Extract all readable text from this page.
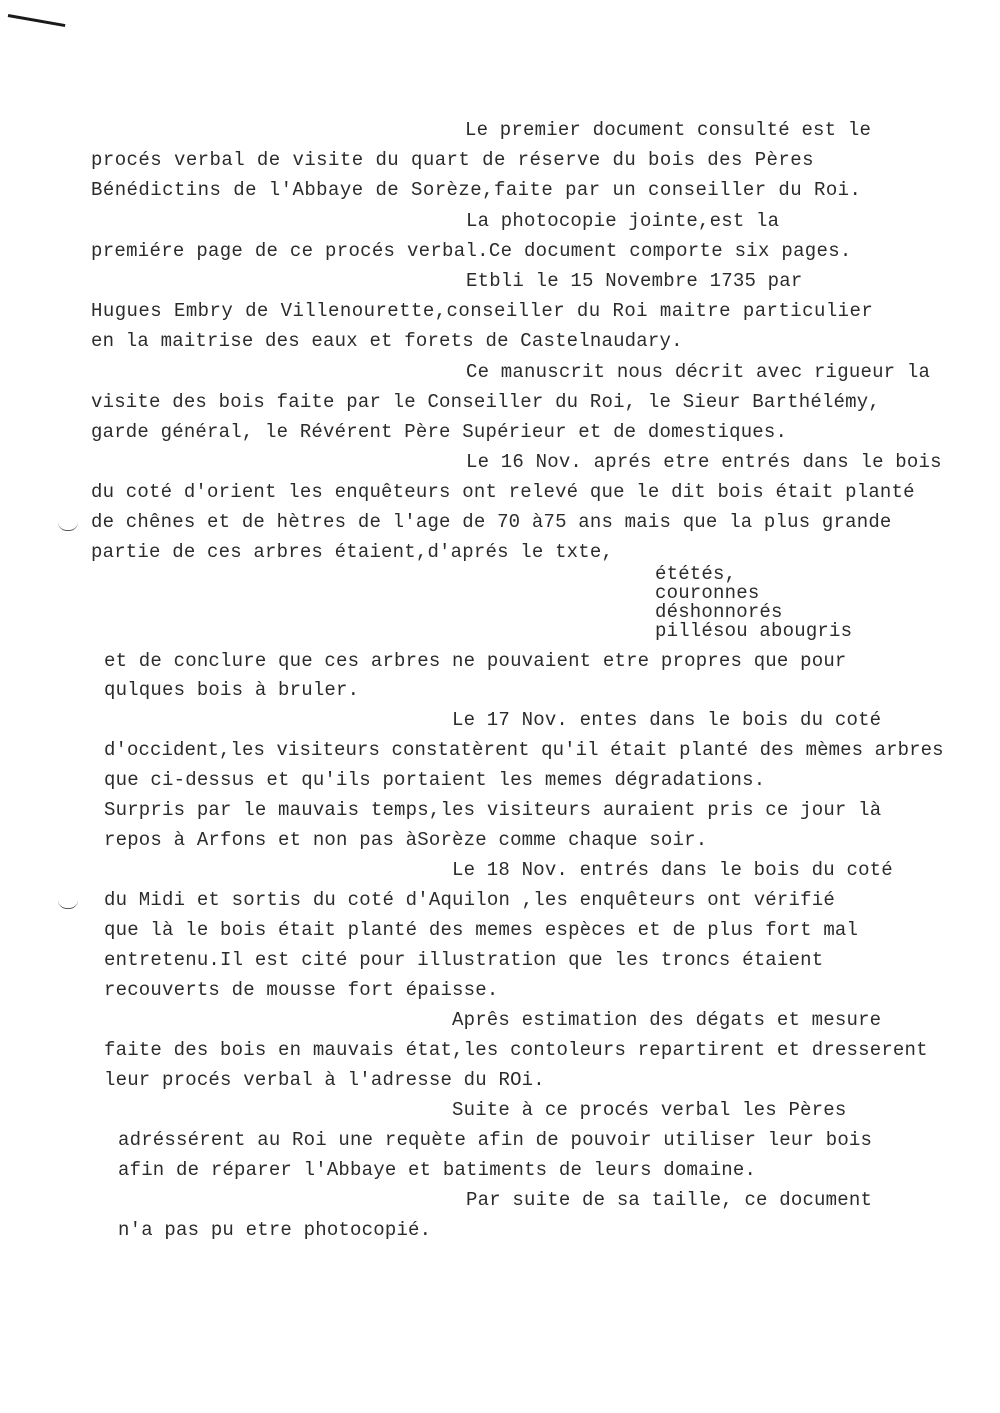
Le premier document consulté est le
procés verbal de visite du quart de réserve du bois des Pères
Bénédictins de l'Abbaye de Sorèze,faite par un conseiller du Roi.
La photocopie jointe,est la
premiére page de ce procés verbal.Ce document comporte six pages.
Etbli le 15 Novembre 1735 par
Hugues Embry de Villenourette,conseiller du Roi maitre particulier
en la maitrise des eaux et forets de Castelnaudary.
Ce manuscrit nous décrit avec rigueur la
visite des bois faite par le Conseiller du Roi, le Sieur Barthélémy,
garde général, le Révérent Père Supérieur et de domestiques.
Le 16 Nov. aprés etre entrés dans le bois
du coté d'orient les enquêteurs ont relevé que le dit bois était planté
de chênes et de hètres de l'age de 70 à75 ans mais que la plus grande
partie de ces arbres étaient,d'aprés le txte,
ététés,
couronnes
déshonnorés
pillésou abougris
et de conclure que ces arbres ne pouvaient etre propres que pour
qulques bois à bruler.
Le 17 Nov. entes dans le bois du coté
d'occident,les visiteurs constatèrent qu'il était planté des mèmes arbres
que ci-dessus et qu'ils portaient les memes dégradations.
Surpris par le mauvais temps,les visiteurs auraient pris ce jour là
repos à Arfons et non pas àSorèze comme chaque soir.
Le 18 Nov. entrés dans le bois du coté
du Midi et sortis du coté d'Aquilon ,les enquêteurs ont vérifié
que là le bois était planté des memes espèces et de plus fort mal
entretenu.Il est cité pour illustration que les troncs étaient
recouverts de mousse fort épaisse.
Aprês estimation des dégats et mesure
faite des bois en mauvais état,les contoleurs repartirent et dresserent
leur procés verbal à l'adresse du ROi.
Suite à ce procés verbal les Pères
adréssérent au Roi une requète afin de pouvoir utiliser leur bois
afin de réparer l'Abbaye et batiments de leurs domaine.
Par suite de sa taille, ce document
n'a pas pu etre photocopié.
